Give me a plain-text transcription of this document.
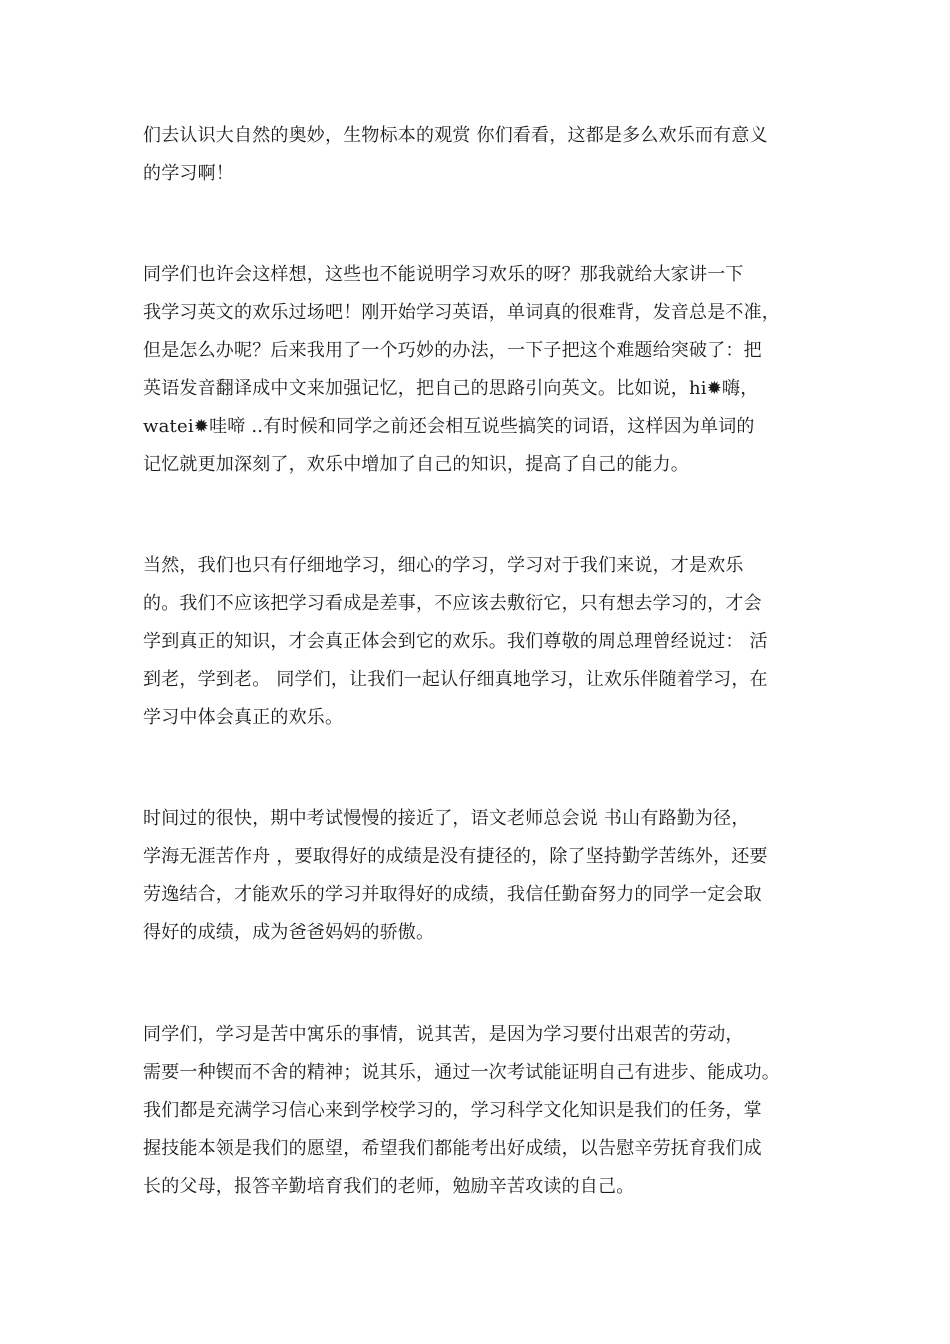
们去认识大自然的奥妙，生物标本的观赏 你们看看，这都是多么欢乐而有意义
的学习啊！

同学们也许会这样想，这些也不能说明学习欢乐的呀？那我就给大家讲一下
我学习英文的欢乐过场吧！刚开始学习英语，单词真的很难背，发音总是不准，
但是怎么办呢？后来我用了一个巧妙的办法，一下子把这个难题给突破了：把
英语发音翻译成中文来加强记忆，把自己的思路引向英文。比如说，hi✹嗨，
watei✹哇啼 ..有时候和同学之前还会相互说些搞笑的词语，这样因为单词的
记忆就更加深刻了，欢乐中增加了自己的知识，提高了自己的能力。

当然，我们也只有仔细地学习，细心的学习，学习对于我们来说，才是欢乐
的。我们不应该把学习看成是差事，不应该去敷衍它，只有想去学习的，才会
学到真正的知识，才会真正体会到它的欢乐。我们尊敬的周总理曾经说过： 活
到老，学到老。 同学们，让我们一起认仔细真地学习，让欢乐伴随着学习，在
学习中体会真正的欢乐。

时间过的很快，期中考试慢慢的接近了，语文老师总会说 书山有路勤为径，
学海无涯苦作舟 ，要取得好的成绩是没有捷径的，除了坚持勤学苦练外，还要
劳逸结合，才能欢乐的学习并取得好的成绩，我信任勤奋努力的同学一定会取
得好的成绩，成为爸爸妈妈的骄傲。

同学们，学习是苦中寓乐的事情，说其苦，是因为学习要付出艰苦的劳动，
需要一种锲而不舍的精神；说其乐，通过一次考试能证明自己有进步、能成功。
我们都是充满学习信心来到学校学习的，学习科学文化知识是我们的任务，掌
握技能本领是我们的愿望，希望我们都能考出好成绩，以告慰辛劳抚育我们成
长的父母，报答辛勤培育我们的老师，勉励辛苦攻读的自己。
